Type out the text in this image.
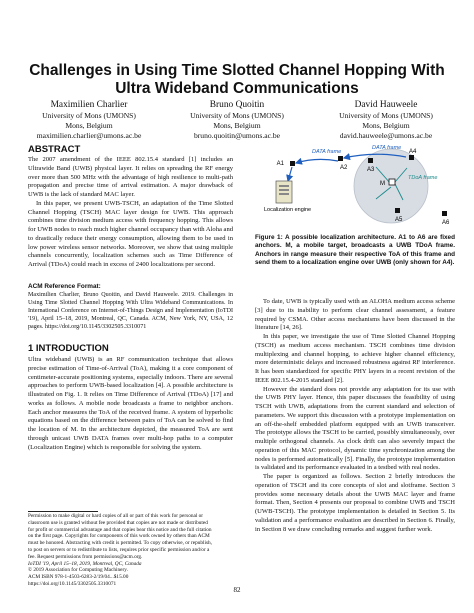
Challenges in Using Time Slotted Channel Hopping With
Ultra Wideband Communications
Maximilien Charlier
University of Mons (UMONS)
Mons, Belgium
maximilien.charlier@umons.ac.be
Bruno Quoitin
University of Mons (UMONS)
Mons, Belgium
bruno.quoitin@umons.ac.be
David Hauweele
University of Mons (UMONS)
Mons, Belgium
david.hauweele@umons.ac.be
ABSTRACT

The 2007 amendment of the IEEE 802.15.4 standard [1] includes an Ultrawide Band (UWB) physical layer. It relies on spreading the RF energy over more than 500 MHz with the advantage of high resilience to multi-path propagation and precise time of arrival estimation. A major drawback of UWB is the lack of standard MAC layer.

In this paper, we present UWB-TSCH, an adaptation of the Time Slotted Channel Hopping (TSCH) MAC layer design for UWB. This approach combines time division medium access with frequency hopping. This allows for UWB nodes to reach much higher channel occupancy than with Aloha and to drastically reduce their energy consumption, allowing them to be used in low power wireless sensor networks. Moreover, we show that using multiple channels concurrently, localization schemes such as Time Difference of Arrival (TDoA) could reach in excess of 2400 localizations per second.

ACM Reference Format:
Maximilien Charlier, Bruno Quoitin, and David Hauweele. 2019. Challenges in Using Time Slotted Channel Hopping With Ultra Wideband Communications. In International Conference on Internet-of-Things Design and Implementation (IoTDI '19), April 15–18, 2019, Montreal, QC, Canada. ACM, New York, NY, USA, 12 pages. https://doi.org/10.1145/3302505.3310071
1 INTRODUCTION

Ultra wideband (UWB) is an RF communication technique that allows precise estimation of Time-of-Arrival (ToA), making it a core component of centimeter-accurate positioning systems, especially indoors. There are several approaches to perform UWB-based localization [4]. A possible architecture is illustrated on Fig. 1. It relies on Time Difference of Arrival (TDoA) [17] and works as follows. A mobile node broadcasts a frame to neighbor anchors. Each anchor measures the ToA of the received frame. A system of hyperbolic equations based on the difference between pairs of ToA can be solved to find the location of M. In the architecture depicted, the measured ToA are sent through unicast UWB DATA frames over multi-hop paths to a computer (Localization Engine) which is responsible for solving the system.

Permission to make digital or hard copies of all or part of this work for personal or
classroom use is granted without fee provided that copies are not made or distributed
for profit or commercial advantage and that copies bear this notice and the full citation
on the first page. Copyrights for components of this work owned by others than ACM
must be honored. Abstracting with credit is permitted. To copy otherwise, or republish,
to post on servers or to redistribute to lists, requires prior specific permission and/or a
fee. Request permissions from permissions@acm.org.
IoTDI '19, April 15–18, 2019, Montreal, QC, Canada
© 2019 Association for Computing Machinery.
ACM ISBN 978-1-4503-6283-2/19/04...$15.00
https://doi.org/10.1145/3302505.3310071
A1
A2	A3
A4
A5	A6
M
DATA frame
DATA frame
TDoA frame
Localization engine
Figure 1: A possible localization architecture. A1 to A6 are fixed anchors. M, a mobile target, broadcasts a UWB TDoA frame. Anchors in range measure their respective ToA of this frame and send them to a localization engine over UWB (only shown for A4).

To date, UWB is typically used with an ALOHA medium access scheme [3] due to its inability to perform clear channel assessment, a feature required by CSMA. Other access mechanisms have been discussed in the literature [14, 26].

In this paper, we investigate the use of Time Slotted Channel Hopping (TSCH) as medium access mechanism. TSCH combines time division multiplexing and channel hopping, to achieve higher channel efficiency, more deterministic delays and increased robustness against RF interference. It has been standardized for specific PHY layers in a recent revision of the IEEE 802.15.4-2015 standard [2].

However the standard does not provide any adaptation for its use with the UWB PHY layer. Hence, this paper discusses the feasibility of using TSCH with UWB, adaptations from the current standard and selection of parameters. We support this discussion with a prototype implementation on an off-the-shelf embedded platform equipped with an UWB transceiver. The prototype allows the TSCH to be carried, possibly simultaneously, over multiple orthogonal channels. As clock drift can also severely impact the operation of this MAC protocol, dynamic time synchronization among the nodes is performed automatically [5]. Finally, the prototype implementation is validated and its performance evaluated in a testbed with real nodes.

The paper is organized as follows. Section 2 briefly introduces the operation of TSCH and its core concepts of slot and slotframe. Section 3 provides some necessary details about the UWB MAC layer and frame format. Then, Section 4 presents our proposal to combine UWB and TSCH (UWB-TSCH). The prototype implementation is detailed in Section 5. Its validation and a performance evaluation are described in Section 6. Finally, in Section 8 we draw concluding remarks and suggest further work.

82
